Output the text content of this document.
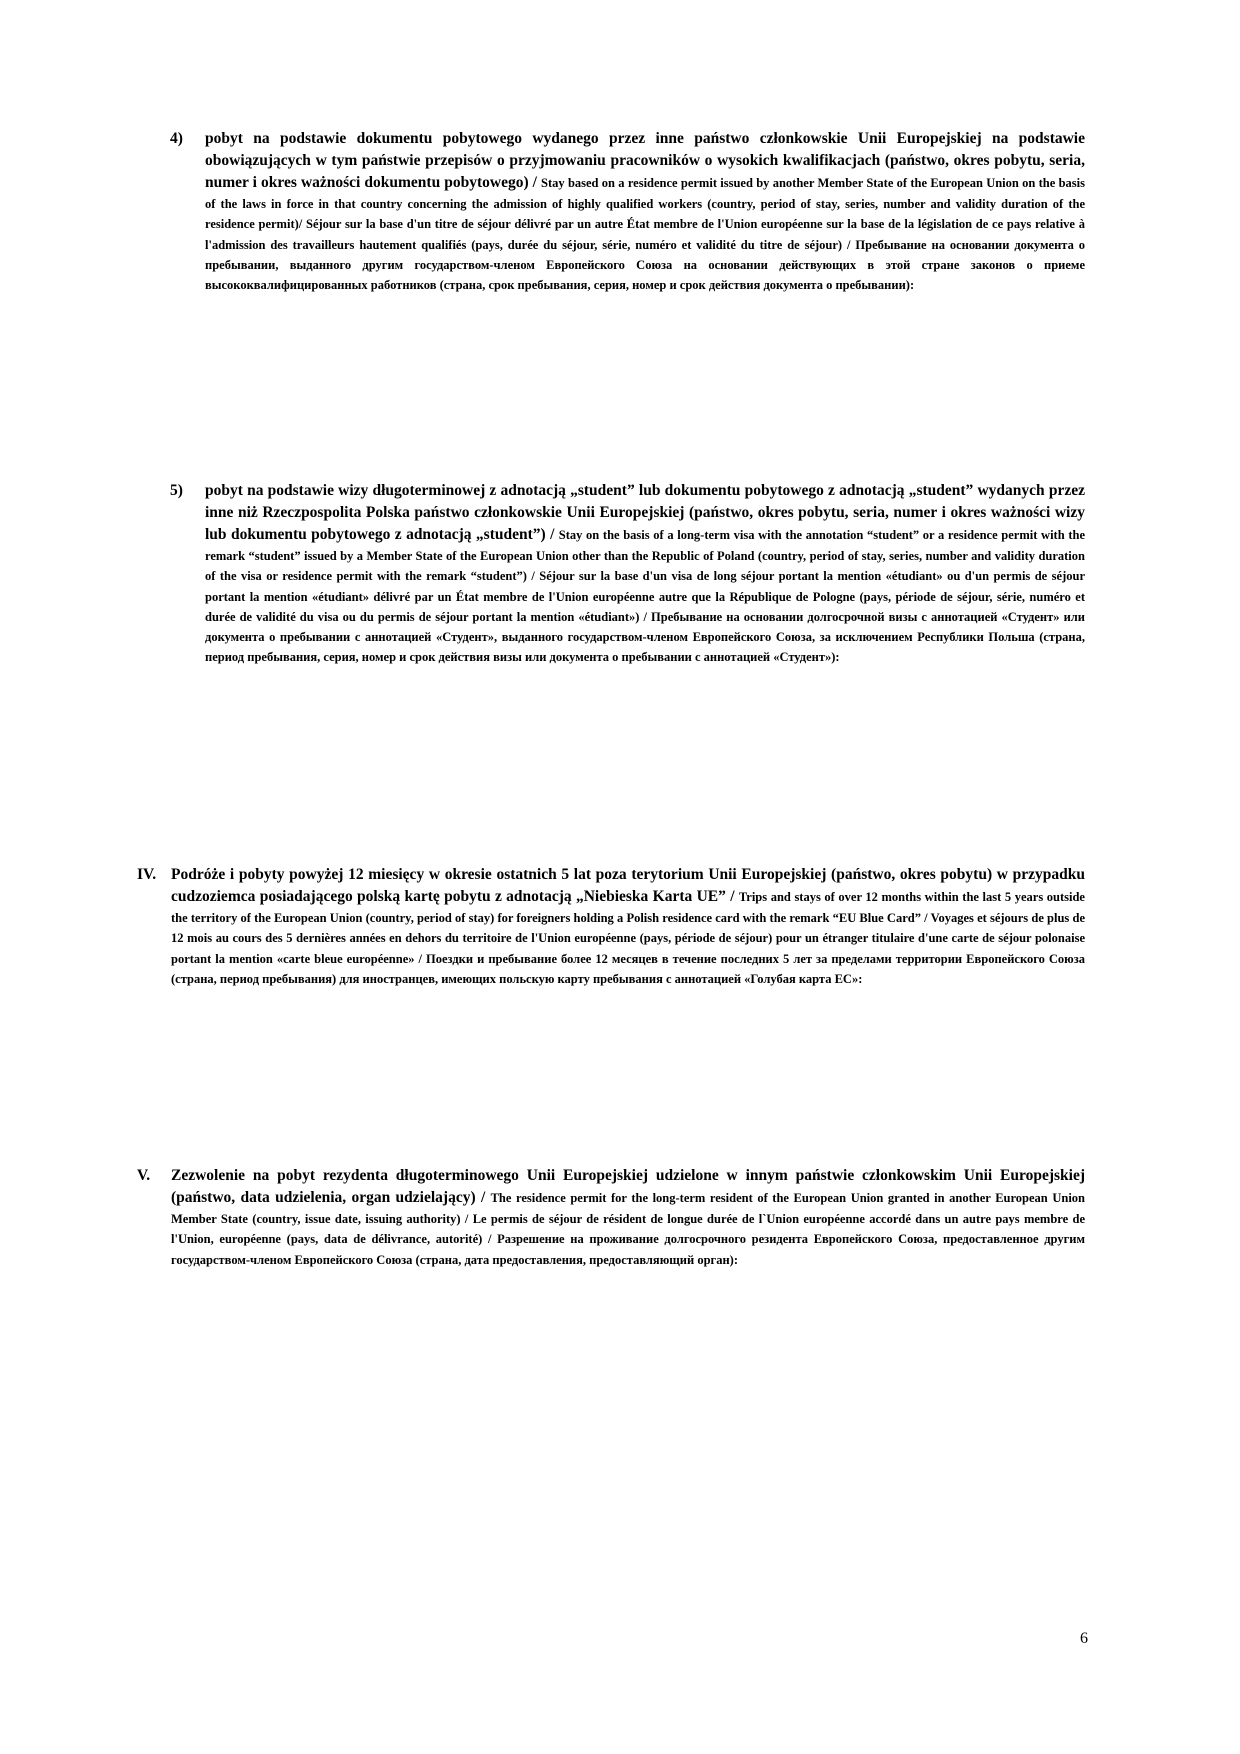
4) pobyt na podstawie dokumentu pobytowego wydanego przez inne państwo członkowskie Unii Europejskiej na podstawie obowiązujących w tym państwie przepisów o przyjmowaniu pracowników o wysokich kwalifikacjach (państwo, okres pobytu, seria, numer i okres ważności dokumentu pobytowego) / Stay based on a residence permit issued by another Member State of the European Union on the basis of the laws in force in that country concerning the admission of highly qualified workers (country, period of stay, series, number and validity duration of the residence permit)/ Séjour sur la base d'un titre de séjour délivré par un autre État membre de l'Union européenne sur la base de la législation de ce pays relative à l'admission des travailleurs hautement qualifiés (pays, durée du séjour, série, numéro et validité du titre de séjour) / Пребывание на основании документа о пребывании, выданного другим государством-членом Европейского Союза на основании действующих в этой стране законов о приеме высококвалифицированных работников (страна, срок пребывания, серия, номер и срок действия документа о пребывании):

5) pobyt na podstawie wizy długoterminowej z adnotacją „student” lub dokumentu pobytowego z adnotacją „student” wydanych przez inne niż Rzeczpospolita Polska państwo członkowskie Unii Europejskiej (państwo, okres pobytu, seria, numer i okres ważności wizy lub dokumentu pobytowego z adnotacją „student”) / Stay on the basis of a long-term visa with the annotation “student” or a residence permit with the remark “student” issued by a Member State of the European Union other than the Republic of Poland (country, period of stay, series, number and validity duration of the visa or residence permit with the remark “student”) / Séjour sur la base d'un visa de long séjour portant la mention «étudiant» ou d'un permis de séjour portant la mention «étudiant» délivré par un État membre de l'Union européenne autre que la République de Pologne (pays, période de séjour, série, numéro et durée de validité du visa ou du permis de séjour portant la mention «étudiant») / Пребывание на основании долгосрочной визы с аннотацией «Студент» или документа о пребывании с аннотацией «Студент», выданного государством-членом Европейского Союза, за исключением Республики Польша (страна, период пребывания, серия, номер и срок действия визы или документа о пребывании с аннотацией «Студент»):

IV. Podróże i pobyty powyżej 12 miesięcy w okresie ostatnich 5 lat poza terytorium Unii Europejskiej (państwo, okres pobytu) w przypadku cudzoziemca posiadającego polską kartę pobytu z adnotacją „Niebieska Karta UE” / Trips and stays of over 12 months within the last 5 years outside the territory of the European Union (country, period of stay) for foreigners holding a Polish residence card with the remark “EU Blue Card” / Voyages et séjours de plus de 12 mois au cours des 5 dernières années en dehors du territoire de l'Union européenne (pays, période de séjour) pour un étranger titulaire d'une carte de séjour polonaise portant la mention «carte bleue européenne» / Поездки и пребывание более 12 месяцев в течение последних 5 лет за пределами территории Европейского Союза (страна, период пребывания) для иностранцев, имеющих польскую карту пребывания с аннотацией «Голубая карта ЕС»:

V. Zezwolenie na pobyt rezydenta długoterminowego Unii Europejskiej udzielone w innym państwie członkowskim Unii Europejskiej (państwo, data udzielenia, organ udzielający) / The residence permit for the long-term resident of the European Union granted in another European Union Member State (country, issue date, issuing authority) / Le permis de séjour de résident de longue durée de l`Union européenne accordé dans un autre pays membre de l'Union, européenne (pays, data de délivrance, autorité) / Разрешение на проживание долгосрочного резидента Европейского Союза, предоставленное другим государством-членом Европейского Союза (страна, дата предоставления, предоставляющий орган):

6
